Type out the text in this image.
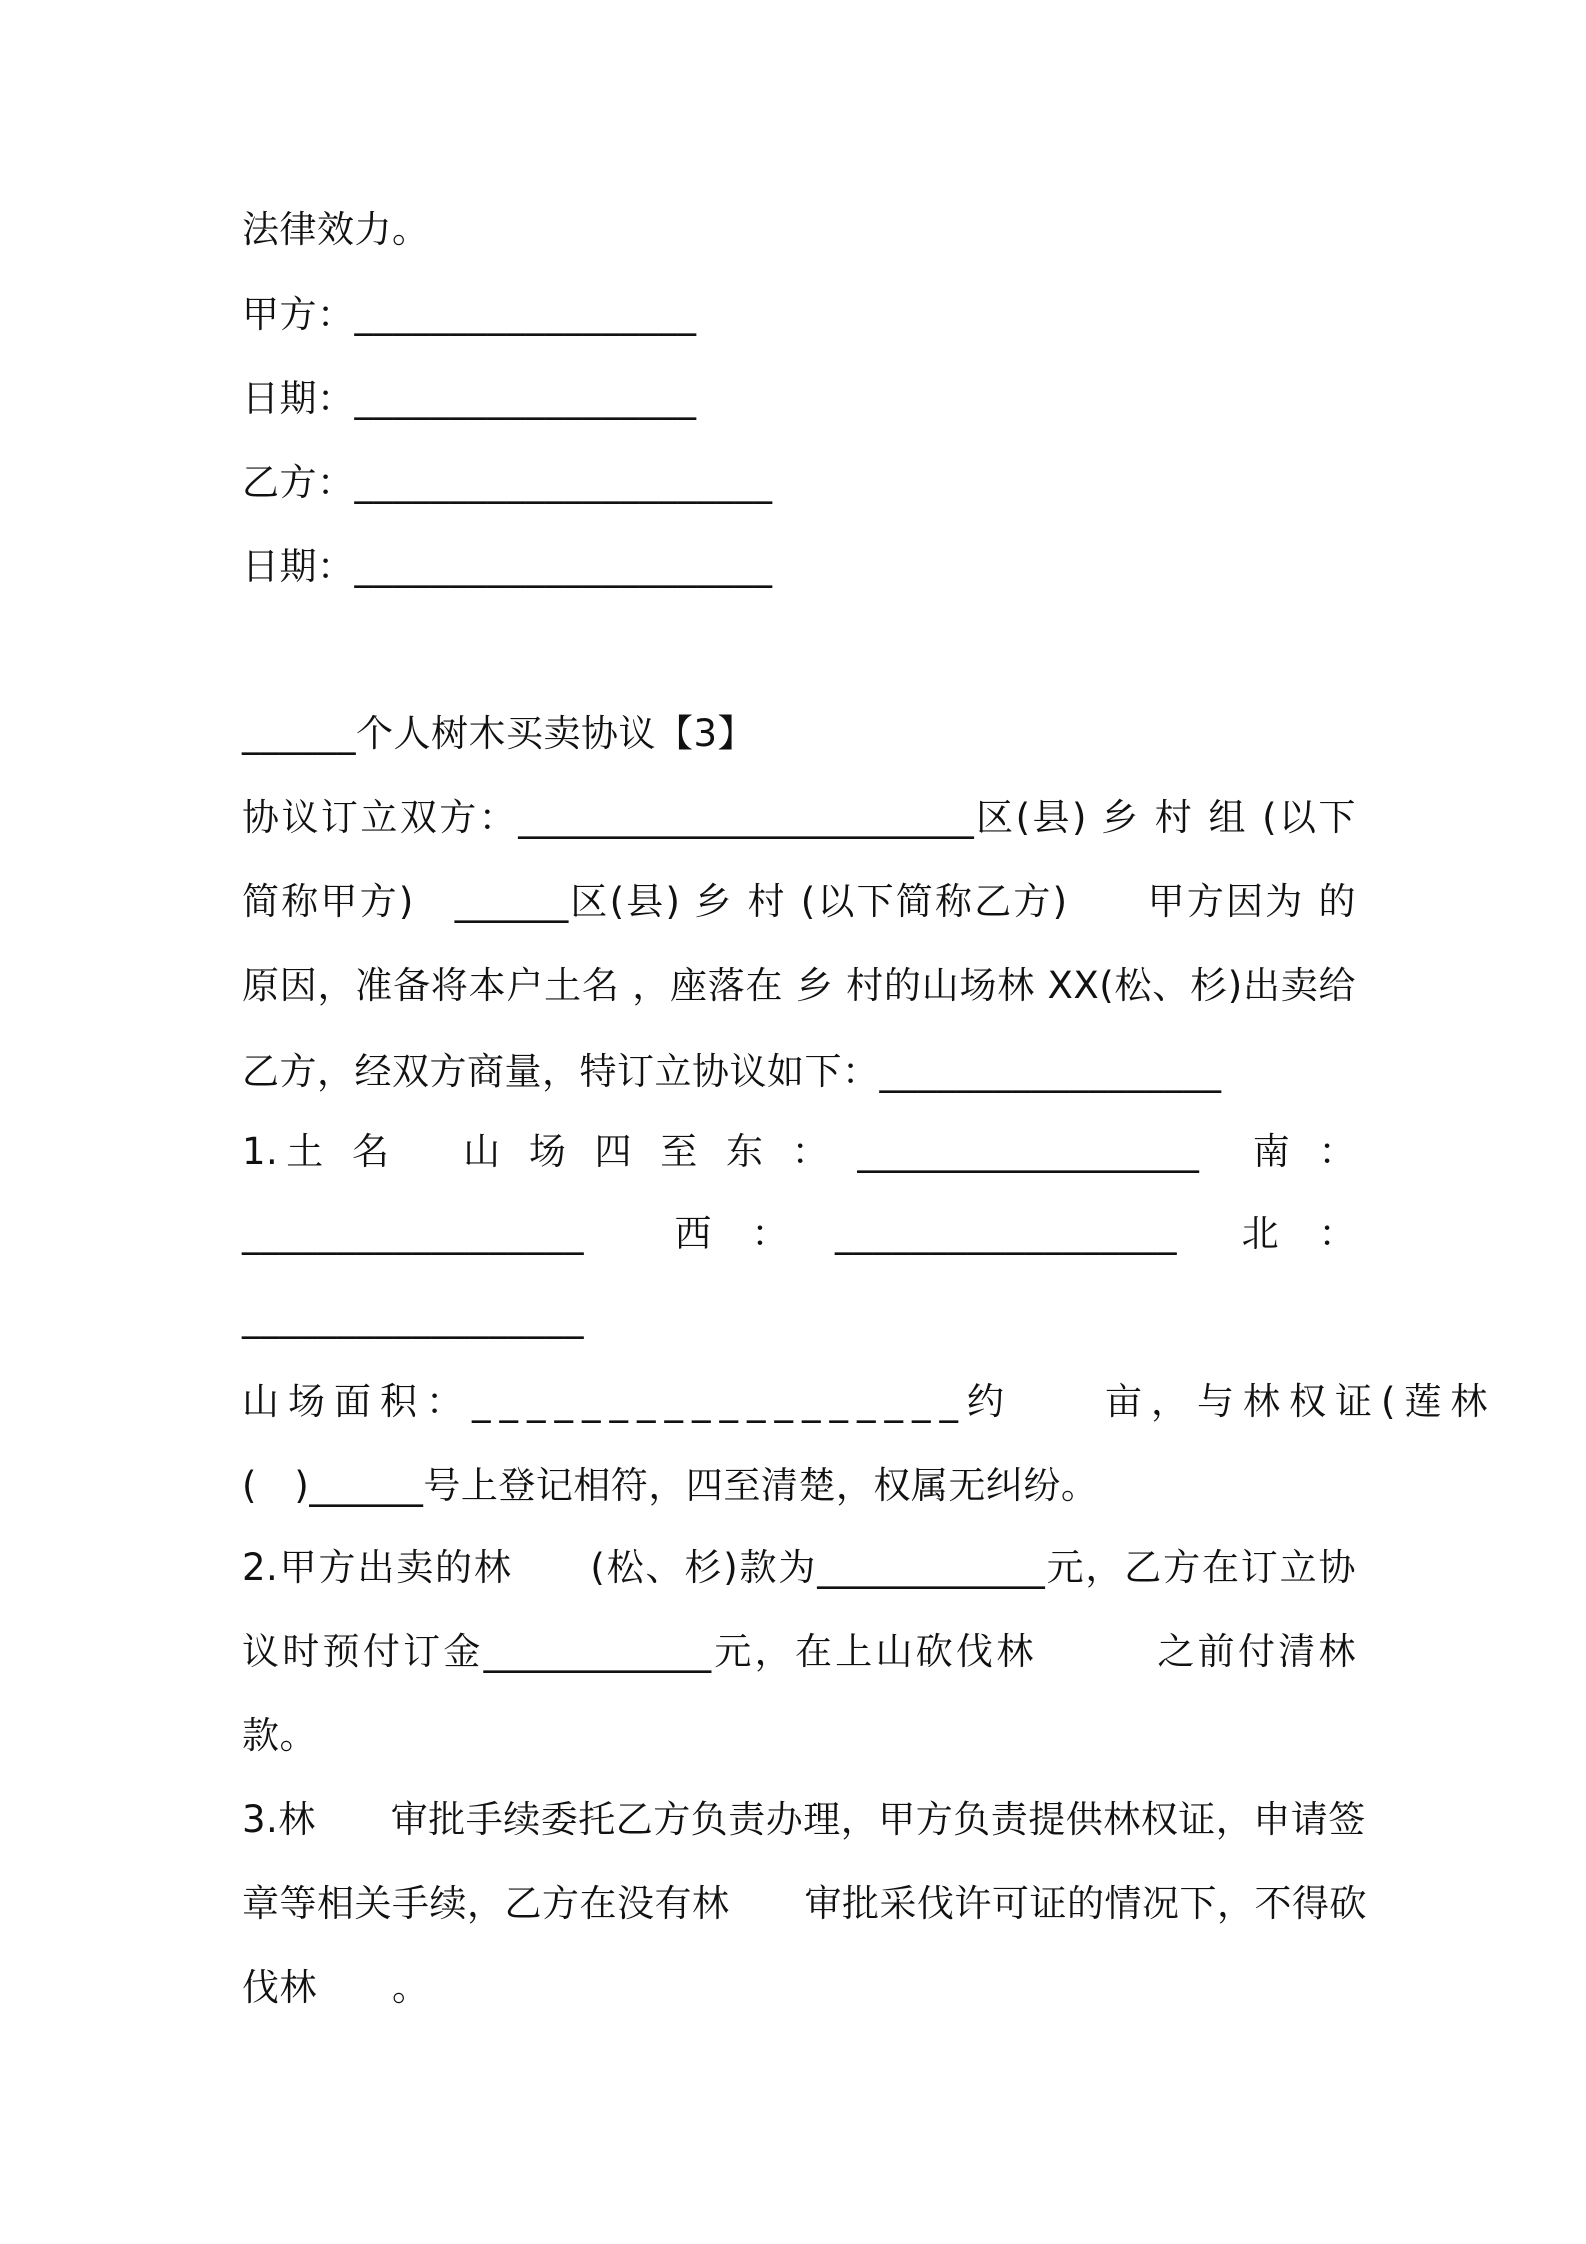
法律效力。
甲方：__________________
日期：__________________
乙方：______________________
日期：______________________
______个人树木买卖协议【3】
协议订立双方：________________________区(县) 乡 村 组 (以下
简称甲方)　______区(县) 乡 村 (以下简称乙方)　　甲方因为 的
原因，准备将本户土名 ，座落在 乡 村的山场林 XX(松、杉)出卖给
乙方，经双方商量，特订立协议如下：__________________
1.土 名　 山 场 四 至 东 ： __________________　南 ：
__________________　 西 ：　__________________　北 ：
__________________
山场面积：__________________约　　亩，与林权证(莲林
(　)______号上登记相符，四至清楚，权属无纠纷。
2.甲方出卖的林　　(松、杉)款为____________元，乙方在订立协
议时预付订金____________元，在上山砍伐林　　　之前付清林
款。
3.林　　审批手续委托乙方负责办理，甲方负责提供林权证，申请签
章等相关手续，乙方在没有林　　审批采伐许可证的情况下，不得砍
伐林　　。
